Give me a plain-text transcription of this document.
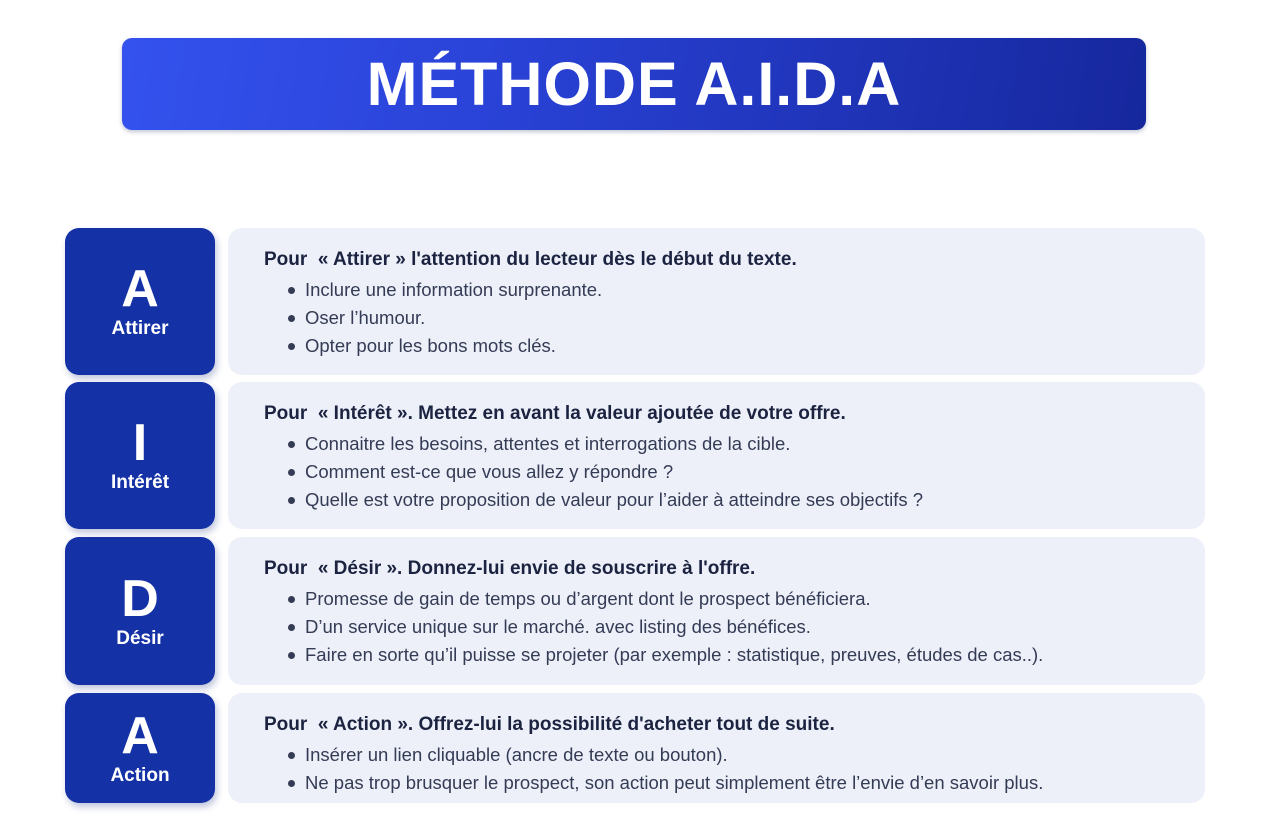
MÉTHODE A.I.D.A
A
Attirer
Pour  « Attirer » l'attention du lecteur dès le début du texte.
Inclure une information surprenante.
Oser l’humour.
Opter pour les bons mots clés.
I
Intérêt
Pour  « Intérêt ». Mettez en avant la valeur ajoutée de votre offre.
Connaitre les besoins, attentes et interrogations de la cible.
Comment est-ce que vous allez y répondre ?
Quelle est votre proposition de valeur pour l’aider à atteindre ses objectifs ?
D
Désir
Pour  « Désir ». Donnez-lui envie de souscrire à l'offre.
Promesse de gain de temps ou d’argent dont le prospect bénéficiera.
D’un service unique sur le marché. avec listing des bénéfices.
Faire en sorte qu’il puisse se projeter (par exemple : statistique, preuves, études de cas..).
A
Action
Pour  « Action ». Offrez-lui la possibilité d'acheter tout de suite.
Insérer un lien cliquable (ancre de texte ou bouton).
Ne pas trop brusquer le prospect, son action peut simplement être l’envie d’en savoir plus.
